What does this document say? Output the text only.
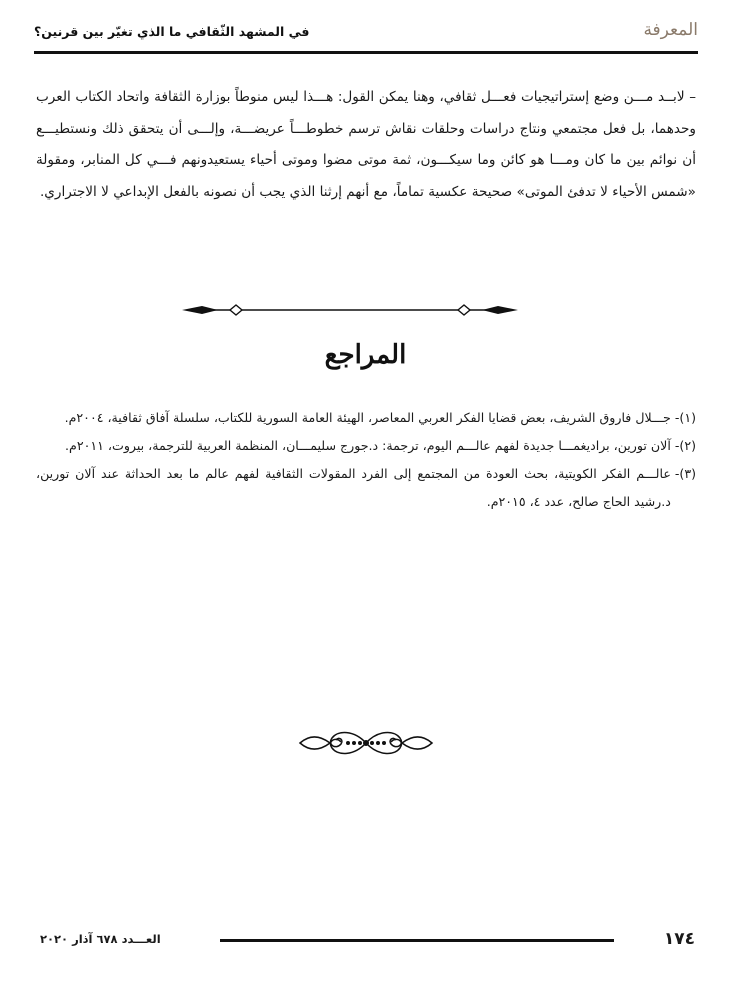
المعرفة
في المشهد الثّقافي ما الذي تغيّر بين قرنين؟

– لابــد مـــن وضع إستراتيجيات فعـــل ثقافي، وهنا يمكن القول: هـــذا ليس منوطاً بوزارة الثقافة واتحاد الكتاب العرب وحدهما، بل فعل مجتمعي ونتاج دراسات وحلقات نقاش ترسم خطوطـــاً عريضـــة، وإلـــى أن يتحقق ذلك ونستطيـــع أن نوائم بين ما كان ومـــا هو كائن وما سيكـــون، ثمة موتى مضوا وموتى أحياء يستعيدونهم فـــي كل المنابر، ومقولة «شمس الأحياء لا تدفئ الموتى» صحيحة عكسية تماماً، مع أنهم إرثنا الذي يجب أن نصونه بالفعل الإبداعي لا الاجتراري.

المراجع
(١)-
جـــلال فاروق الشريف، بعض قضايا الفكر العربي المعاصر، الهيئة العامة السورية للكتاب، سلسلة آفاق ثقافية، ٢٠٠٤م.
(٢)-
آلان تورين، براديغمـــا جديدة لفهم عالـــم اليوم، ترجمة: د.جورج سليمـــان، المنظمة العربية للترجمة، بيروت، ٢٠١١م.
(٣)-
عالـــم الفكر الكويتية، بحث العودة من المجتمع إلى الفرد المقولات الثقافية لفهم عالم ما بعد الحداثة عند آلان تورين، د.رشيد الحاج صالح، عدد ٤، ٢٠١٥م.
١٧٤
العـــدد ٦٧٨ آذار ٢٠٢٠
